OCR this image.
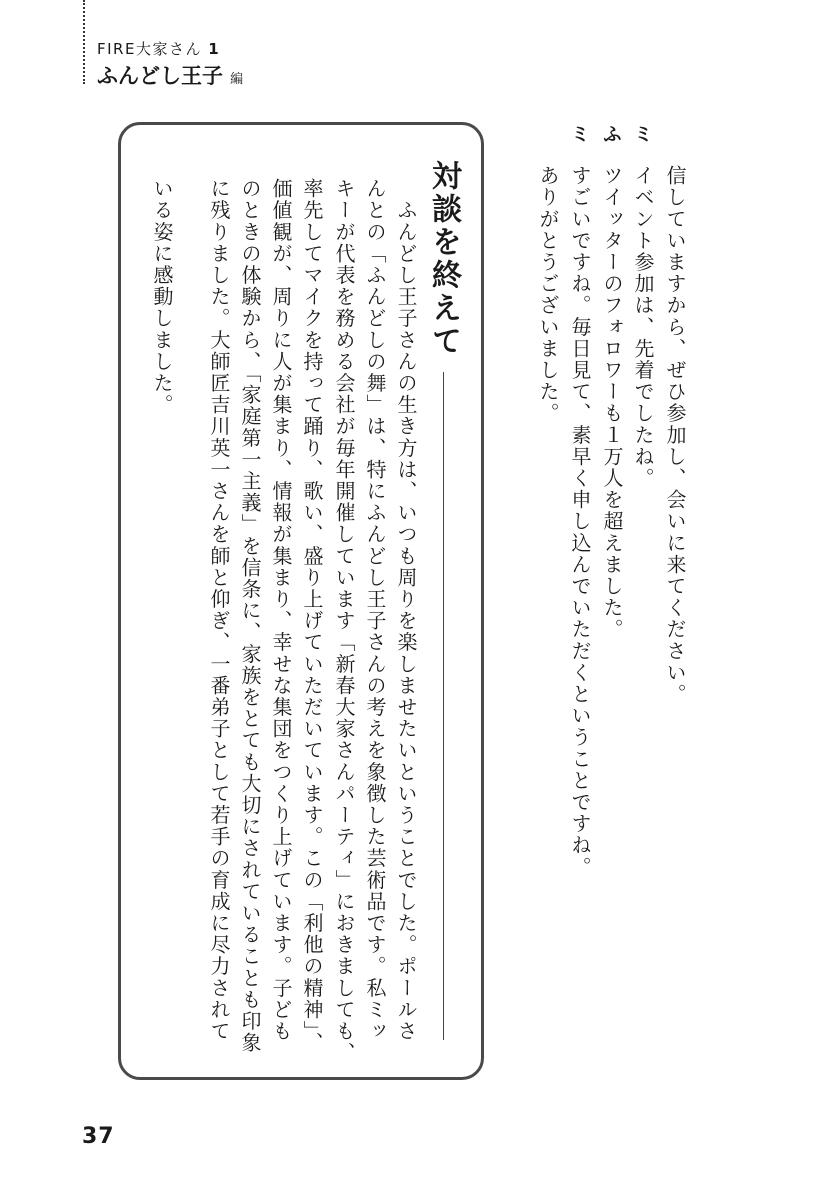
FIRE大家さん 1
ふんどし王子 編
ミ
ふ
ミ
信していますから、ぜひ参加し、会いに来てください。
イベント参加は、先着でしたね。
ツイッターのフォロワーも１万人を超えました。
すごいですね。毎日見て、素早く申し込んでいただくということですね。
ありがとうございました。
対談を終えて
　ふんどし王子さんの生き方は、いつも周りを楽しませたいということでした。ポールさ
んとの「ふんどしの舞」は、特にふんどし王子さんの考えを象徴した芸術品です。私ミッ
キーが代表を務める会社が毎年開催しています「新春大家さんパーティ」におきましても、
率先してマイクを持って踊り、歌い、盛り上げていただいています。この「利他の精神」、
価値観が、周りに人が集まり、情報が集まり、幸せな集団をつくり上げています。子ども
のときの体験から、「家庭第一主義」を信条に、家族をとても大切にされていることも印象
に残りました。大師匠吉川英一さんを師と仰ぎ、一番弟子として若手の育成に尽力されて
いる姿に感動しました。
37
